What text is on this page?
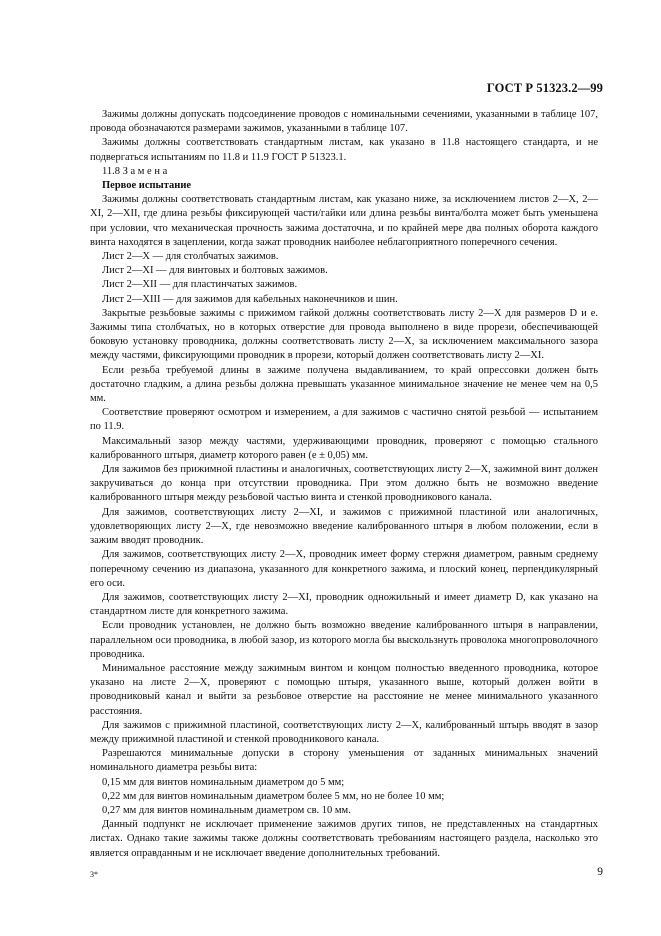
ГОСТ Р 51323.2—99

Зажимы должны допускать подсоединение проводов с номинальными сечениями, указанными в таблице 107, провода обозначаются размерами зажимов, указанными в таблице 107.

Зажимы должны соответствовать стандартным листам, как указано в 11.8 настоящего стандарта, и не подвергаться испытаниям по 11.8 и 11.9 ГОСТ Р 51323.1.

11.8 З а м е н а

Первое испытание

Зажимы должны соответствовать стандартным листам, как указано ниже, за исключением листов 2—X, 2—XI, 2—XII, где длина резьбы фиксирующей части/гайки или длина резьбы винта/болта может быть уменьшена при условии, что механическая прочность зажима достаточна, и по крайней мере два полных оборота каждого винта находятся в зацеплении, когда зажат проводник наиболее неблагоприятного поперечного сечения.

Лист 2—X — для столбчатых зажимов.

Лист 2—XI — для винтовых и болтовых зажимов.

Лист 2—XII — для пластинчатых зажимов.

Лист 2—XIII — для зажимов для кабельных наконечников и шин.

Закрытые резьбовые зажимы с прижимом гайкой должны соответствовать листу 2—X для размеров D и e. Зажимы типа столбчатых, но в которых отверстие для провода выполнено в виде прорези, обеспечивающей боковую установку проводника, должны соответствовать листу 2—X, за исключением максимального зазора между частями, фиксирующими проводник в прорези, который должен соответствовать листу 2—XI.

Если резьба требуемой длины в зажиме получена выдавливанием, то край опрессовки должен быть достаточно гладким, а длина резьбы должна превышать указанное минимальное значение не менее чем на 0,5 мм.

Соответствие проверяют осмотром и измерением, а для зажимов с частично снятой резьбой — испытанием по 11.9.

Максимальный зазор между частями, удерживающими проводник, проверяют с помощью стального калиброванного штыря, диаметр которого равен (e ± 0,05) мм.

Для зажимов без прижимной пластины и аналогичных, соответствующих листу 2—X, зажимной винт должен закручиваться до конца при отсутствии проводника. При этом должно быть не возможно введение калиброванного штыря между резьбовой частью винта и стенкой проводникового канала.

Для зажимов, соответствующих листу 2—XI, и зажимов с прижимной пластиной или аналогичных, удовлетворяющих листу 2—X, где невозможно введение калиброванного штыря в любом положении, если в зажим вводят проводник.

Для зажимов, соответствующих листу 2—X, проводник имеет форму стержня диаметром, равным среднему поперечному сечению из диапазона, указанного для конкретного зажима, и плоский конец, перпендикулярный его оси.

Для зажимов, соответствующих листу 2—XI, проводник одножильный и имеет диаметр D, как указано на стандартном листе для конкретного зажима.

Если проводник установлен, не должно быть возможно введение калиброванного штыря в направлении, параллельном оси проводника, в любой зазор, из которого могла бы выскользнуть проволока многопроволочного проводника.

Минимальное расстояние между зажимным винтом и концом полностью введенного проводника, которое указано на листе 2—X, проверяют с помощью штыря, указанного выше, который должен войти в проводниковый канал и выйти за резьбовое отверстие на расстояние не менее минимального указанного расстояния.

Для зажимов с прижимной пластиной, соответствующих листу 2—X, калиброванный штырь вводят в зазор между прижимной пластиной и стенкой проводникового канала.

Разрешаются минимальные допуски в сторону уменьшения от заданных минимальных значений номинального диаметра резьбы вита:

0,15 мм для винтов номинальным диаметром до 5 мм;

0,22 мм для винтов номинальным диаметром более 5 мм, но не более 10 мм;

0,27 мм для винтов номинальным диаметром св. 10 мм.

Данный подпункт не исключает применение зажимов других типов, не представленных на стандартных листах. Однако такие зажимы также должны соответствовать требованиям настоящего раздела, насколько это является оправданным и не исключает введение дополнительных требований.

3*	9
